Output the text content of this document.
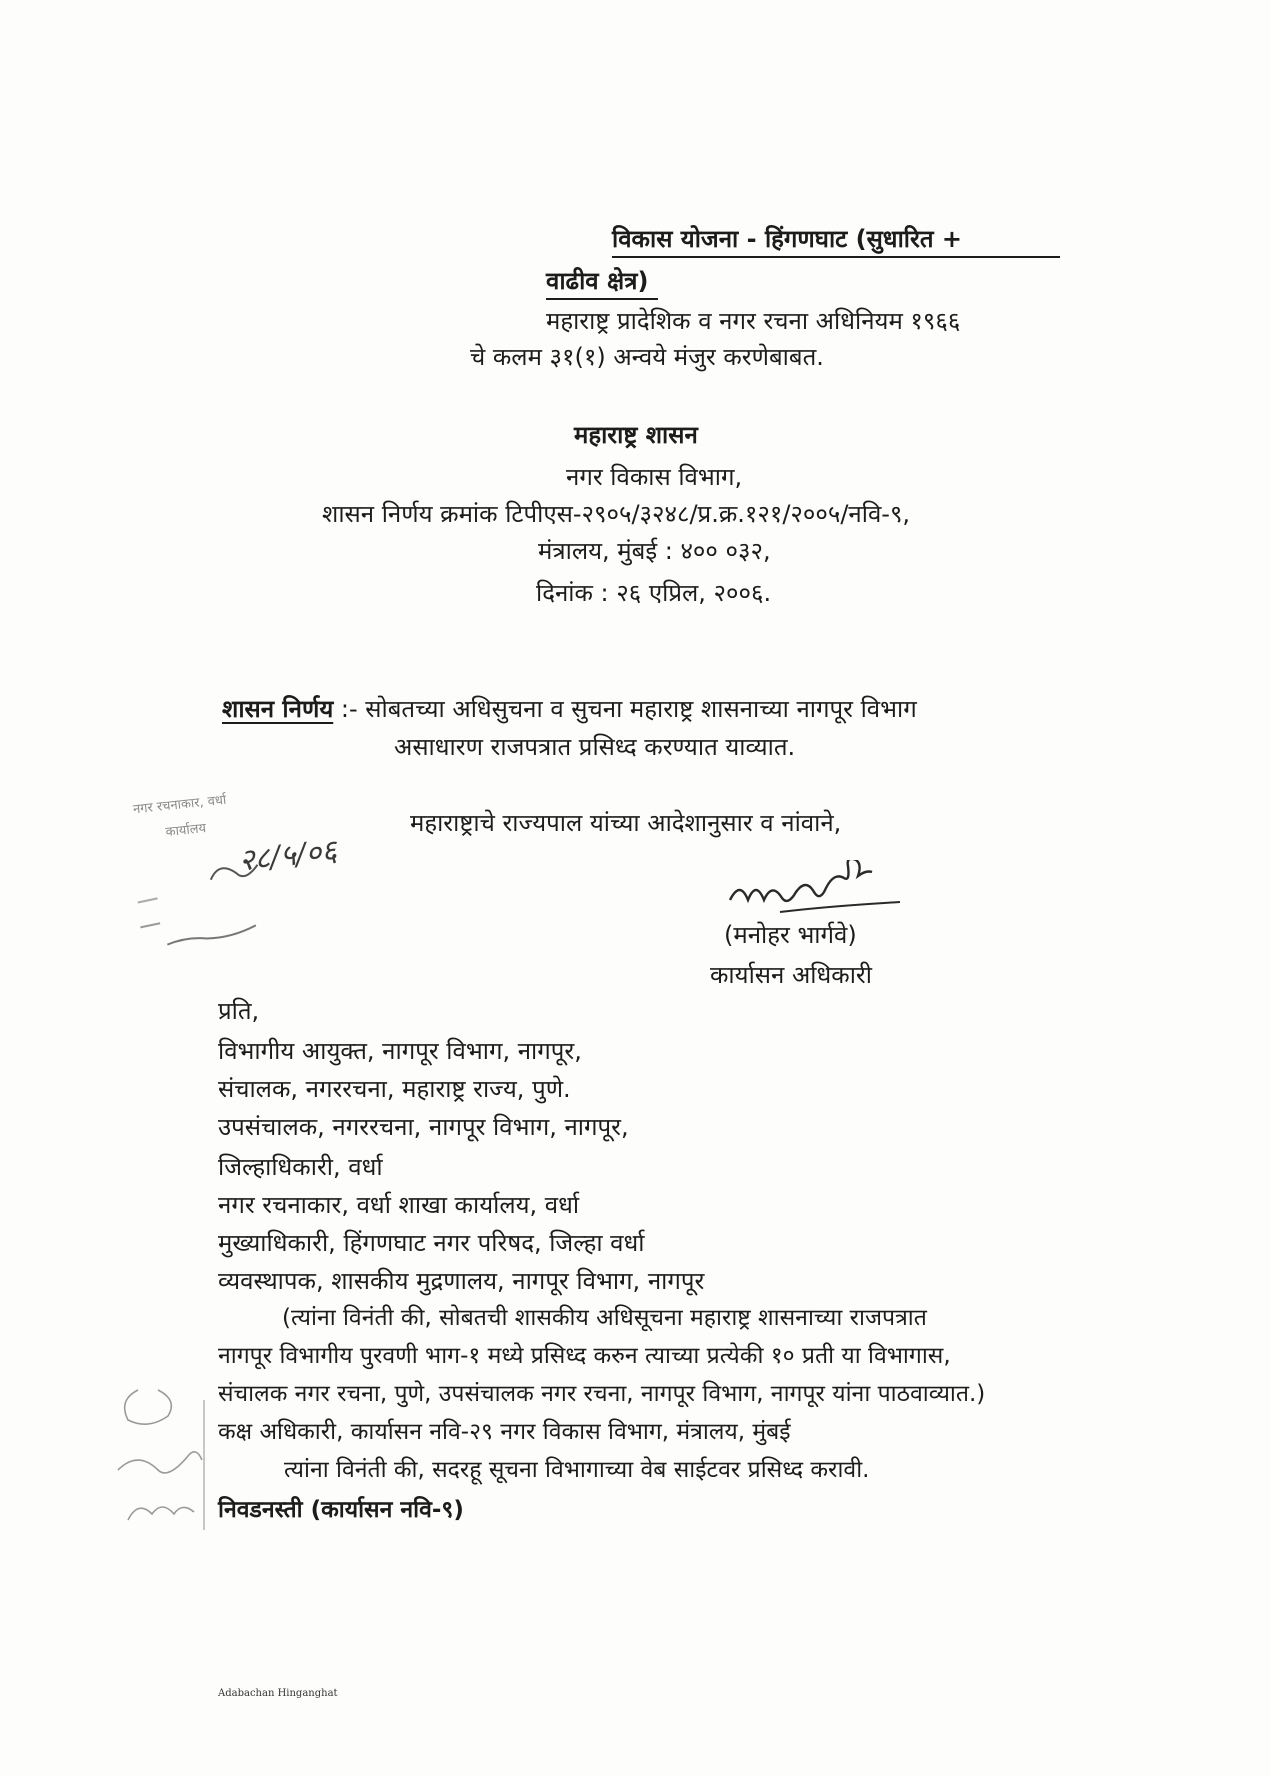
विकास योजना - हिंगणघाट (सुधारित +
वाढीव क्षेत्र)
महाराष्ट्र प्रादेशिक व नगर रचना अधिनियम १९६६
चे कलम ३१(१) अन्वये मंजुर करणेबाबत.
महाराष्ट्र शासन
नगर विकास विभाग,
शासन निर्णय क्रमांक टिपीएस-२९०५/३२४८/प्र.क्र.१२१/२००५/नवि-९,
मंत्रालय, मुंबई : ४०० ०३२,
दिनांक : २६ एप्रिल, २००६.
शासन निर्णय :- सोबतच्या अधिसुचना व सुचना महाराष्ट्र शासनाच्या नागपूर विभाग
असाधारण राजपत्रात प्रसिध्द करण्यात याव्यात.
महाराष्ट्राचे राज्यपाल यांच्या आदेशानुसार व नांवाने,
नगर रचनाकार, वर्धा
कार्यालय
२८/५/०६
(मनोहर भार्गवे)
कार्यासन अधिकारी
प्रति,
विभागीय आयुक्त, नागपूर विभाग, नागपूर,
संचालक, नगररचना, महाराष्ट्र राज्य, पुणे.
उपसंचालक, नगररचना, नागपूर विभाग, नागपूर,
जिल्हाधिकारी, वर्धा
नगर रचनाकार, वर्धा शाखा कार्यालय, वर्धा
मुख्याधिकारी, हिंगणघाट नगर परिषद, जिल्हा वर्धा
व्यवस्थापक, शासकीय मुद्रणालय, नागपूर विभाग, नागपूर
(त्यांना विनंती की, सोबतची शासकीय अधिसूचना महाराष्ट्र शासनाच्या राजपत्रात
नागपूर विभागीय पुरवणी भाग-१ मध्ये प्रसिध्द करुन त्याच्या प्रत्येकी १० प्रती या विभागास,
संचालक नगर रचना, पुणे, उपसंचालक नगर रचना, नागपूर विभाग, नागपूर यांना पाठवाव्यात.)
कक्ष अधिकारी, कार्यासन नवि-२९ नगर विकास विभाग, मंत्रालय, मुंबई
त्यांना विनंती की, सदरहू सूचना विभागाच्या वेब साईटवर प्रसिध्द करावी.
निवडनस्ती (कार्यासन नवि-९)
Adabachan Hinganghat
